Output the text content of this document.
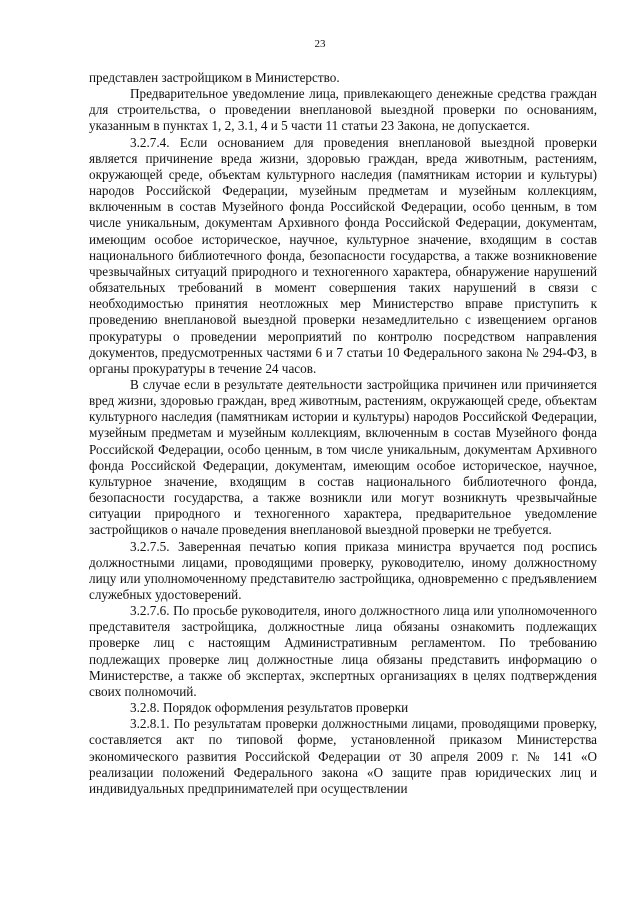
23

представлен застройщиком в Министерство.

Предварительное уведомление лица, привлекающего денежные средства граждан для строительства, о проведении внеплановой выездной проверки по основаниям, указанным в пунктах 1, 2, 3.1, 4 и 5 части 11 статьи 23 Закона, не допускается.

3.2.7.4. Если основанием для проведения внеплановой выездной проверки является причинение вреда жизни, здоровью граждан, вреда животным, растениям, окружающей среде, объектам культурного наследия (памятникам истории и культуры) народов Российской Федерации, музейным предметам и музейным коллекциям, включенным в состав Музейного фонда Российской Федерации, особо ценным, в том числе уникальным, документам Архивного фонда Российской Федерации, документам, имеющим особое историческое, научное, культурное значение, входящим в состав национального библиотечного фонда, безопасности государства, а также возникновение чрезвычайных ситуаций природного и техногенного характера, обнаружение нарушений обязательных требований в момент совершения таких нарушений в связи с необходимостью принятия неотложных мер Министерство вправе приступить к проведению внеплановой выездной проверки незамедлительно с извещением органов прокуратуры о проведении мероприятий по контролю посредством направления документов, предусмотренных частями 6 и 7 статьи 10 Федерального закона № 294-ФЗ, в органы прокуратуры в течение 24 часов.

В случае если в результате деятельности застройщика причинен или причиняется вред жизни, здоровью граждан, вред животным, растениям, окружающей среде, объектам культурного наследия (памятникам истории и культуры) народов Российской Федерации, музейным предметам и музейным коллекциям, включенным в состав Музейного фонда Российской Федерации, особо ценным, в том числе уникальным, документам Архивного фонда Российской Федерации, документам, имеющим особое историческое, научное, культурное значение, входящим в состав национального библиотечного фонда, безопасности государства, а также возникли или могут возникнуть чрезвычайные ситуации природного и техногенного характера, предварительное уведомление застройщиков о начале проведения внеплановой выездной проверки не требуется.

3.2.7.5. Заверенная печатью копия приказа министра вручается под роспись должностными лицами, проводящими проверку, руководителю, иному должностному лицу или уполномоченному представителю застройщика, одновременно с предъявлением служебных удостоверений.

3.2.7.6. По просьбе руководителя, иного должностного лица или уполномоченного представителя застройщика, должностные лица обязаны ознакомить подлежащих проверке лиц с настоящим Административным регламентом. По требованию подлежащих проверке лиц должностные лица обязаны представить информацию о Министерстве, а также об экспертах, экспертных организациях в целях подтверждения своих полномочий.

3.2.8. Порядок оформления результатов проверки

3.2.8.1. По результатам проверки должностными лицами, проводящими проверку, составляется акт по типовой форме, установленной приказом Министерства экономического развития Российской Федерации от 30 апреля 2009 г. № 141 «О реализации положений Федерального закона «О защите прав юридических лиц и индивидуальных предпринимателей при осуществлении
